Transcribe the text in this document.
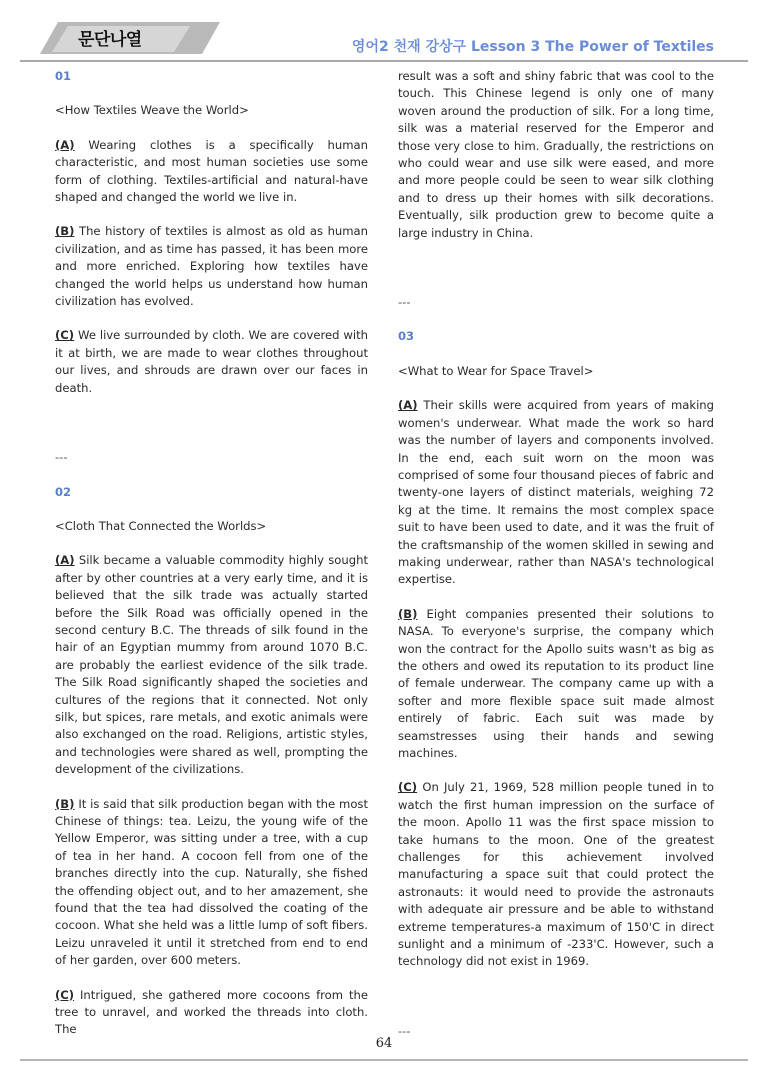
문단나열	영어2 천재 강상구 Lesson 3 The Power of Textiles
01
<How Textiles Weave the World>
(A) Wearing clothes is a specifically human characteristic, and most human societies use some form of clothing. Textiles-artificial and natural-have shaped and changed the world we live in.
(B) The history of textiles is almost as old as human civilization, and as time has passed, it has been more and more enriched. Exploring how textiles have changed the world helps us understand how human civilization has evolved.
(C) We live surrounded by cloth. We are covered with it at birth, we are made to wear clothes throughout our lives, and shrouds are drawn over our faces in death.
---
02
<Cloth That Connected the Worlds>
(A) Silk became a valuable commodity highly sought after by other countries at a very early time, and it is believed that the silk trade was actually started before the Silk Road was officially opened in the second century B.C. The threads of silk found in the hair of an Egyptian mummy from around 1070 B.C. are probably the earliest evidence of the silk trade. The Silk Road significantly shaped the societies and cultures of the regions that it connected. Not only silk, but spices, rare metals, and exotic animals were also exchanged on the road. Religions, artistic styles, and technologies were shared as well, prompting the development of the civilizations.
(B) It is said that silk production began with the most Chinese of things: tea. Leizu, the young wife of the Yellow Emperor, was sitting under a tree, with a cup of tea in her hand. A cocoon fell from one of the branches directly into the cup. Naturally, she fished the offending object out, and to her amazement, she found that the tea had dissolved the coating of the cocoon. What she held was a little lump of soft fibers. Leizu unraveled it until it stretched from end to end of her garden, over 600 meters.
(C) Intrigued, she gathered more cocoons from the tree to unravel, and worked the threads into cloth. The
result was a soft and shiny fabric that was cool to the touch. This Chinese legend is only one of many woven around the production of silk. For a long time, silk was a material reserved for the Emperor and those very close to him. Gradually, the restrictions on who could wear and use silk were eased, and more and more people could be seen to wear silk clothing and to dress up their homes with silk decorations. Eventually, silk production grew to become quite a large industry in China.
---
03
<What to Wear for Space Travel>
(A) Their skills were acquired from years of making women's underwear. What made the work so hard was the number of layers and components involved. In the end, each suit worn on the moon was comprised of some four thousand pieces of fabric and twenty-one layers of distinct materials, weighing 72 kg at the time. It remains the most complex space suit to have been used to date, and it was the fruit of the craftsmanship of the women skilled in sewing and making underwear, rather than NASA's technological expertise.
(B) Eight companies presented their solutions to NASA. To everyone's surprise, the company which won the contract for the Apollo suits wasn't as big as the others and owed its reputation to its product line of female underwear. The company came up with a softer and more flexible space suit made almost entirely of fabric. Each suit was made by seamstresses using their hands and sewing machines.
(C) On July 21, 1969, 528 million people tuned in to watch the first human impression on the surface of the moon. Apollo 11 was the first space mission to take humans to the moon. One of the greatest challenges for this achievement involved manufacturing a space suit that could protect the astronauts: it would need to provide the astronauts with adequate air pressure and be able to withstand extreme temperatures-a maximum of 150'C in direct sunlight and a minimum of -233'C. However, such a technology did not exist in 1969.
---
64
